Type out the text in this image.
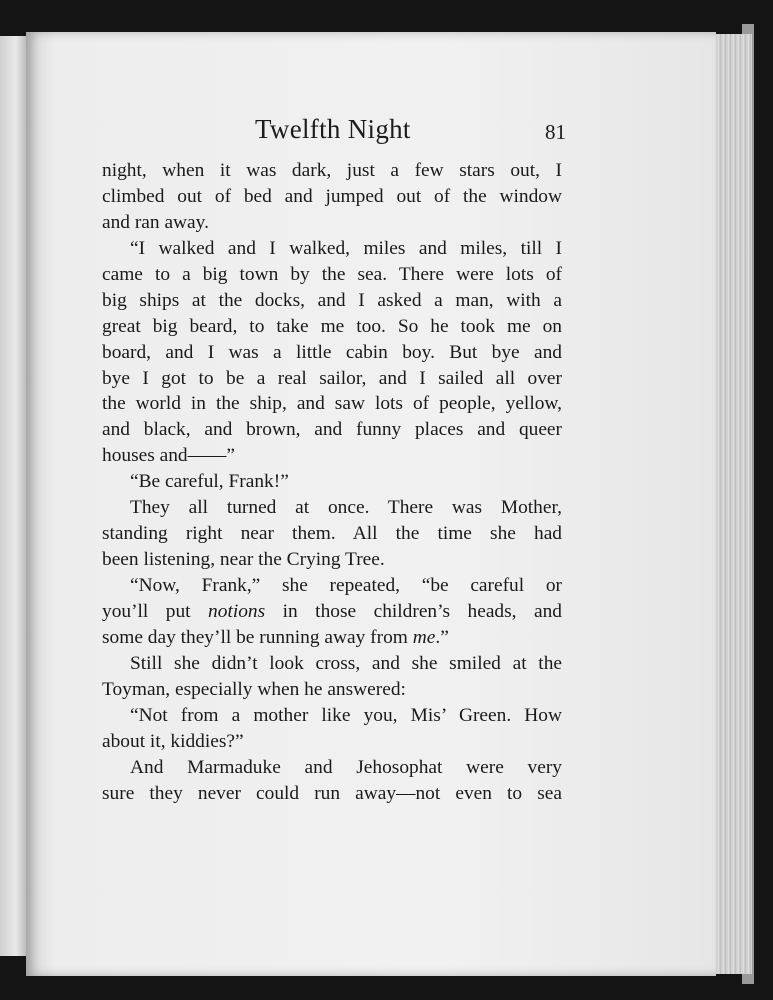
Twelfth Night	81
night, when it was dark, just a few stars out, I
climbed out of bed and jumped out of the window
and ran away.
“I walked and I walked, miles and miles, till I
came to a big town by the sea. There were lots of
big ships at the docks, and I asked a man, with a
great big beard, to take me too. So he took me on
board, and I was a little cabin boy. But bye and
bye I got to be a real sailor, and I sailed all over
the world in the ship, and saw lots of people, yellow,
and black, and brown, and funny places and queer
houses and——”
“Be careful, Frank!”
They all turned at once. There was Mother,
standing right near them. All the time she had
been listening, near the Crying Tree.
“Now, Frank,” she repeated, “be careful or
you’ll put notions in those children’s heads, and
some day they’ll be running away from me.”
Still she didn’t look cross, and she smiled at the
Toyman, especially when he answered:
“Not from a mother like you, Mis’ Green. How
about it, kiddies?”
And Marmaduke and Jehosophat were very
sure they never could run away—not even to sea
